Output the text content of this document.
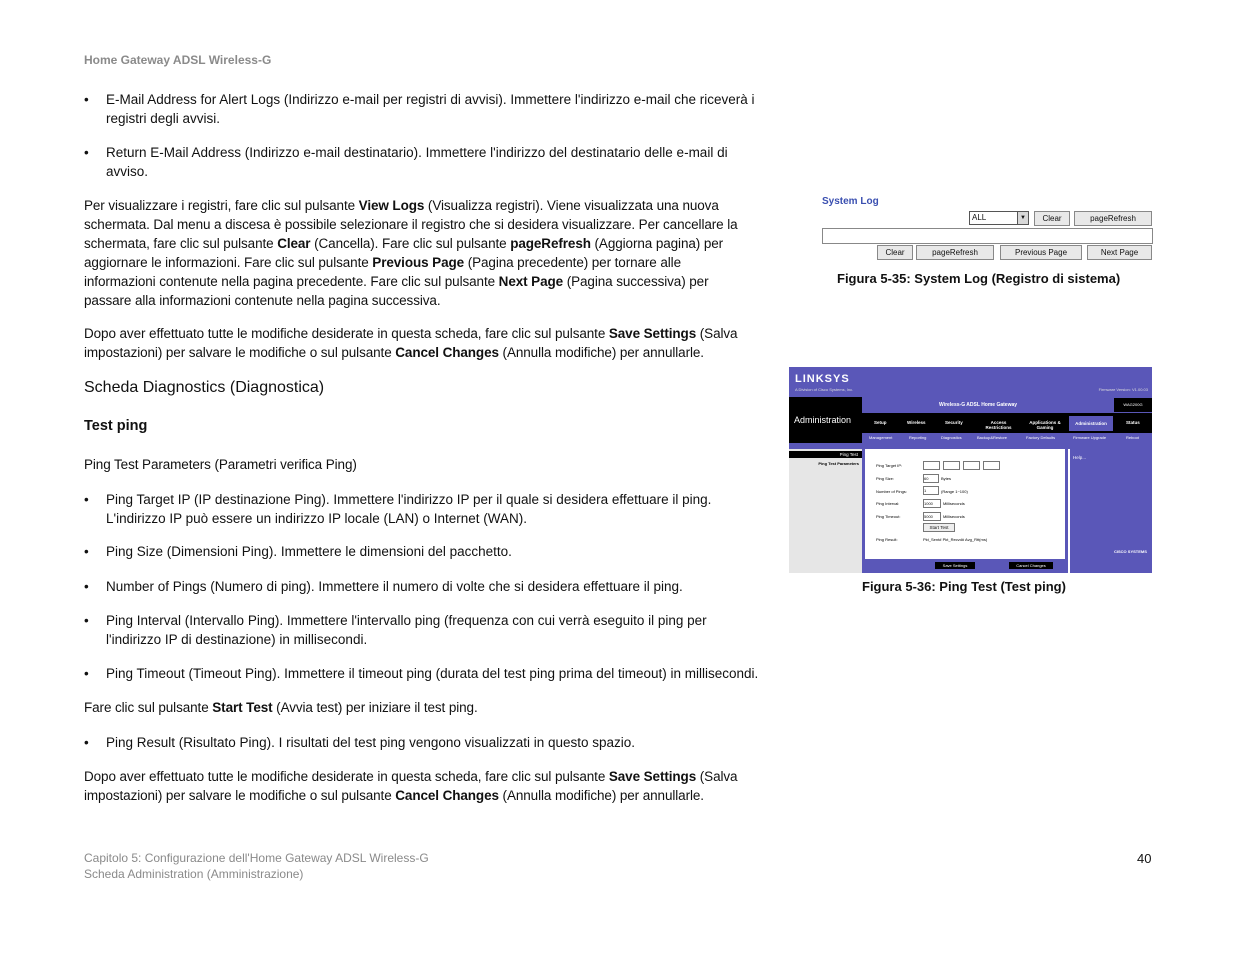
Home Gateway ADSL Wireless-G
• E-Mail Address for Alert Logs (Indirizzo e-mail per registri di avvisi). Immettere l'indirizzo e-mail che riceverà i registri degli avvisi.
• Return E-Mail Address (Indirizzo e-mail destinatario). Immettere l'indirizzo del destinatario delle e-mail di avviso.
Per visualizzare i registri, fare clic sul pulsante View Logs (Visualizza registri). Viene visualizzata una nuova schermata. Dal menu a discesa è possibile selezionare il registro che si desidera visualizzare. Per cancellare la schermata, fare clic sul pulsante Clear (Cancella). Fare clic sul pulsante pageRefresh (Aggiorna pagina) per aggiornare le informazioni. Fare clic sul pulsante Previous Page (Pagina precedente) per tornare alle informazioni contenute nella pagina precedente. Fare clic sul pulsante Next Page (Pagina successiva) per passare alla informazioni contenute nella pagina successiva.
Dopo aver effettuato tutte le modifiche desiderate in questa scheda, fare clic sul pulsante Save Settings (Salva impostazioni) per salvare le modifiche o sul pulsante Cancel Changes (Annulla modifiche) per annullarle.
Scheda Diagnostics (Diagnostica)
Test ping
Ping Test Parameters (Parametri verifica Ping)
• Ping Target IP (IP destinazione Ping). Immettere l'indirizzo IP per il quale si desidera effettuare il ping. L'indirizzo IP può essere un indirizzo IP locale (LAN) o Internet (WAN).
• Ping Size (Dimensioni Ping). Immettere le dimensioni del pacchetto.
• Number of Pings (Numero di ping). Immettere il numero di volte che si desidera effettuare il ping.
• Ping Interval (Intervallo Ping). Immettere l'intervallo ping (frequenza con cui verrà eseguito il ping per l'indirizzo IP di destinazione) in millisecondi.
• Ping Timeout (Timeout Ping). Immettere il timeout ping (durata del test ping prima del timeout) in millisecondi.
Fare clic sul pulsante Start Test (Avvia test) per iniziare il test ping.
• Ping Result (Risultato Ping). I risultati del test ping vengono visualizzati in questo spazio.
Dopo aver effettuato tutte le modifiche desiderate in questa scheda, fare clic sul pulsante Save Settings (Salva impostazioni) per salvare le modifiche o sul pulsante Cancel Changes (Annulla modifiche) per annullarle.
Capitolo 5: Configurazione dell'Home Gateway ADSL Wireless-G
Scheda Administration (Amministrazione)
40
System Log
ALL	▼	Clear	pageRefresh
Clear	pageRefresh	Previous Page	Next Page
Figura 5-35: System Log (Registro di sistema)
LINKSYS
A Division of Cisco Systems, Inc.	Firmware Version: V1.00.03
Administration
Wireless-G ADSL Home Gateway	WAG200G
Setup	Wireless	Security	Access Restrictions
Applications & Gaming
Administration	Status
Management	Reporting	Diagnostics	Backup&Restore	Factory Defaults	Firmware Upgrade	Reboot
Ping Test
Ping Test Parameters	Ping Target IP:
Ping Size:	60	Bytes
Number of Pings:	1	(Range 1~100)
Ping Interval:	1000	Milliseconds
Ping Timeout:	5000	Milliseconds
Start Test
Ping Result:	Pkt_Sent# Pkt_Recvd# Avg_Rtt(ms)
Help...
Save Settings	Cancel Changes
CISCO SYSTEMS
Figura 5-36: Ping Test (Test ping)
